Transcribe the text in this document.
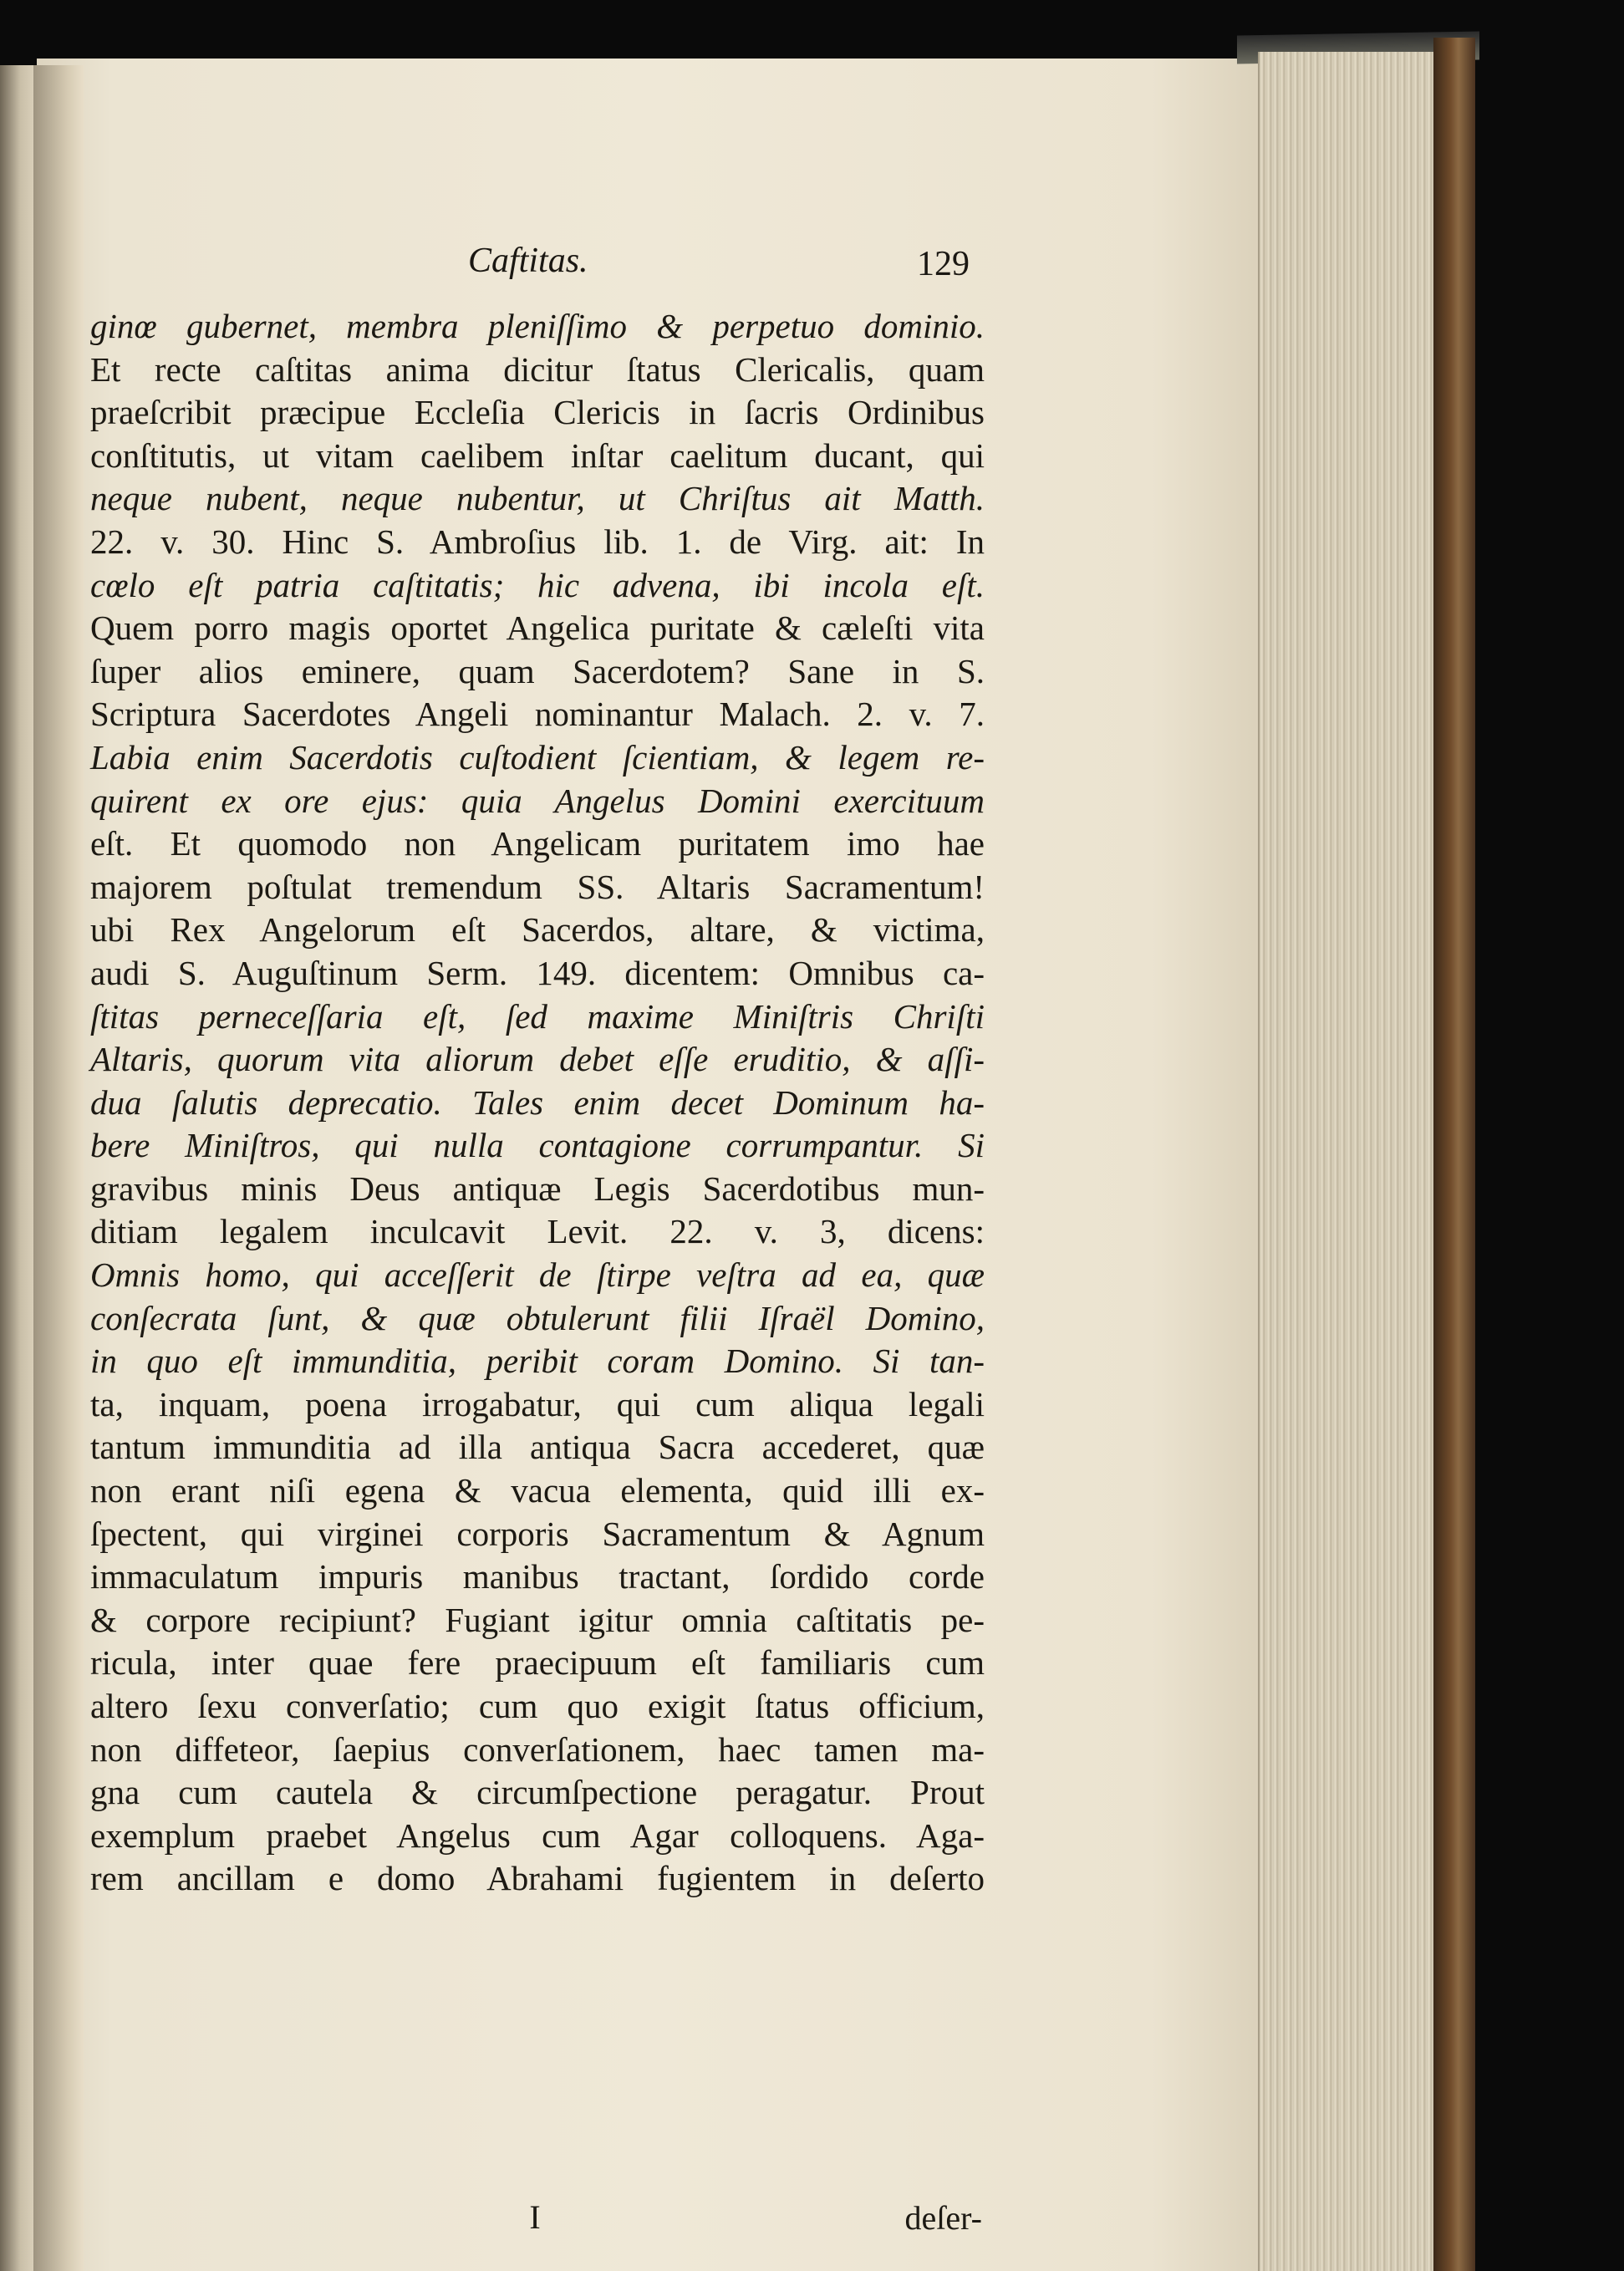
Caftitas.	129
ginœ gubernet, membra pleniſſimo & perpetuo dominio.
Et recte caſtitas anima dicitur ſtatus Clericalis, quam
praeſcribit præcipue Eccleſia Clericis in ſacris Ordinibus
conſtitutis, ut vitam caelibem inſtar caelitum ducant, qui
neque nubent, neque nubentur, ut Chriſtus ait Matth.
22. v. 30. Hinc S. Ambroſius lib. 1. de Virg. ait: In
cœlo eſt patria caſtitatis; hic advena, ibi incola eſt.
Quem porro magis oportet Angelica puritate & cæleſti vita
ſuper alios eminere, quam Sacerdotem? Sane in S.
Scriptura Sacerdotes Angeli nominantur Malach. 2. v. 7.
Labia enim Sacerdotis cuſtodient ſcientiam, & legem re-
quirent ex ore ejus: quia Angelus Domini exercituum
eſt. Et quomodo non Angelicam puritatem imo hae
majorem poſtulat tremendum SS. Altaris Sacramentum!
ubi Rex Angelorum eſt Sacerdos, altare, & victima,
audi S. Auguſtinum Serm. 149. dicentem: Omnibus ca-
ſtitas perneceſſaria eſt, ſed maxime Miniſtris Chriſti
Altaris, quorum vita aliorum debet eſſe eruditio, & aſſi-
dua ſalutis deprecatio. Tales enim decet Dominum ha-
bere Miniſtros, qui nulla contagione corrumpantur. Si
gravibus minis Deus antiquæ Legis Sacerdotibus mun-
ditiam legalem inculcavit Levit. 22. v. 3, dicens:
Omnis homo, qui acceſſerit de ſtirpe veſtra ad ea, quæ
conſecrata ſunt, & quæ obtulerunt filii Iſraël Domino,
in quo eſt immunditia, peribit coram Domino. Si tan-
ta, inquam, poena irrogabatur, qui cum aliqua legali
tantum immunditia ad illa antiqua Sacra accederet, quæ
non erant niſi egena & vacua elementa, quid illi ex-
ſpectent, qui virginei corporis Sacramentum & Agnum
immaculatum impuris manibus tractant, ſordido corde
& corpore recipiunt? Fugiant igitur omnia caſtitatis pe-
ricula, inter quae fere praecipuum eſt familiaris cum
altero ſexu converſatio; cum quo exigit ſtatus officium,
non diffeteor, ſaepius converſationem, haec tamen ma-
gna cum cautela & circumſpectione peragatur. Prout
exemplum praebet Angelus cum Agar colloquens. Aga-
rem ancillam e domo Abrahami fugientem in deſerto
I	deſer-
